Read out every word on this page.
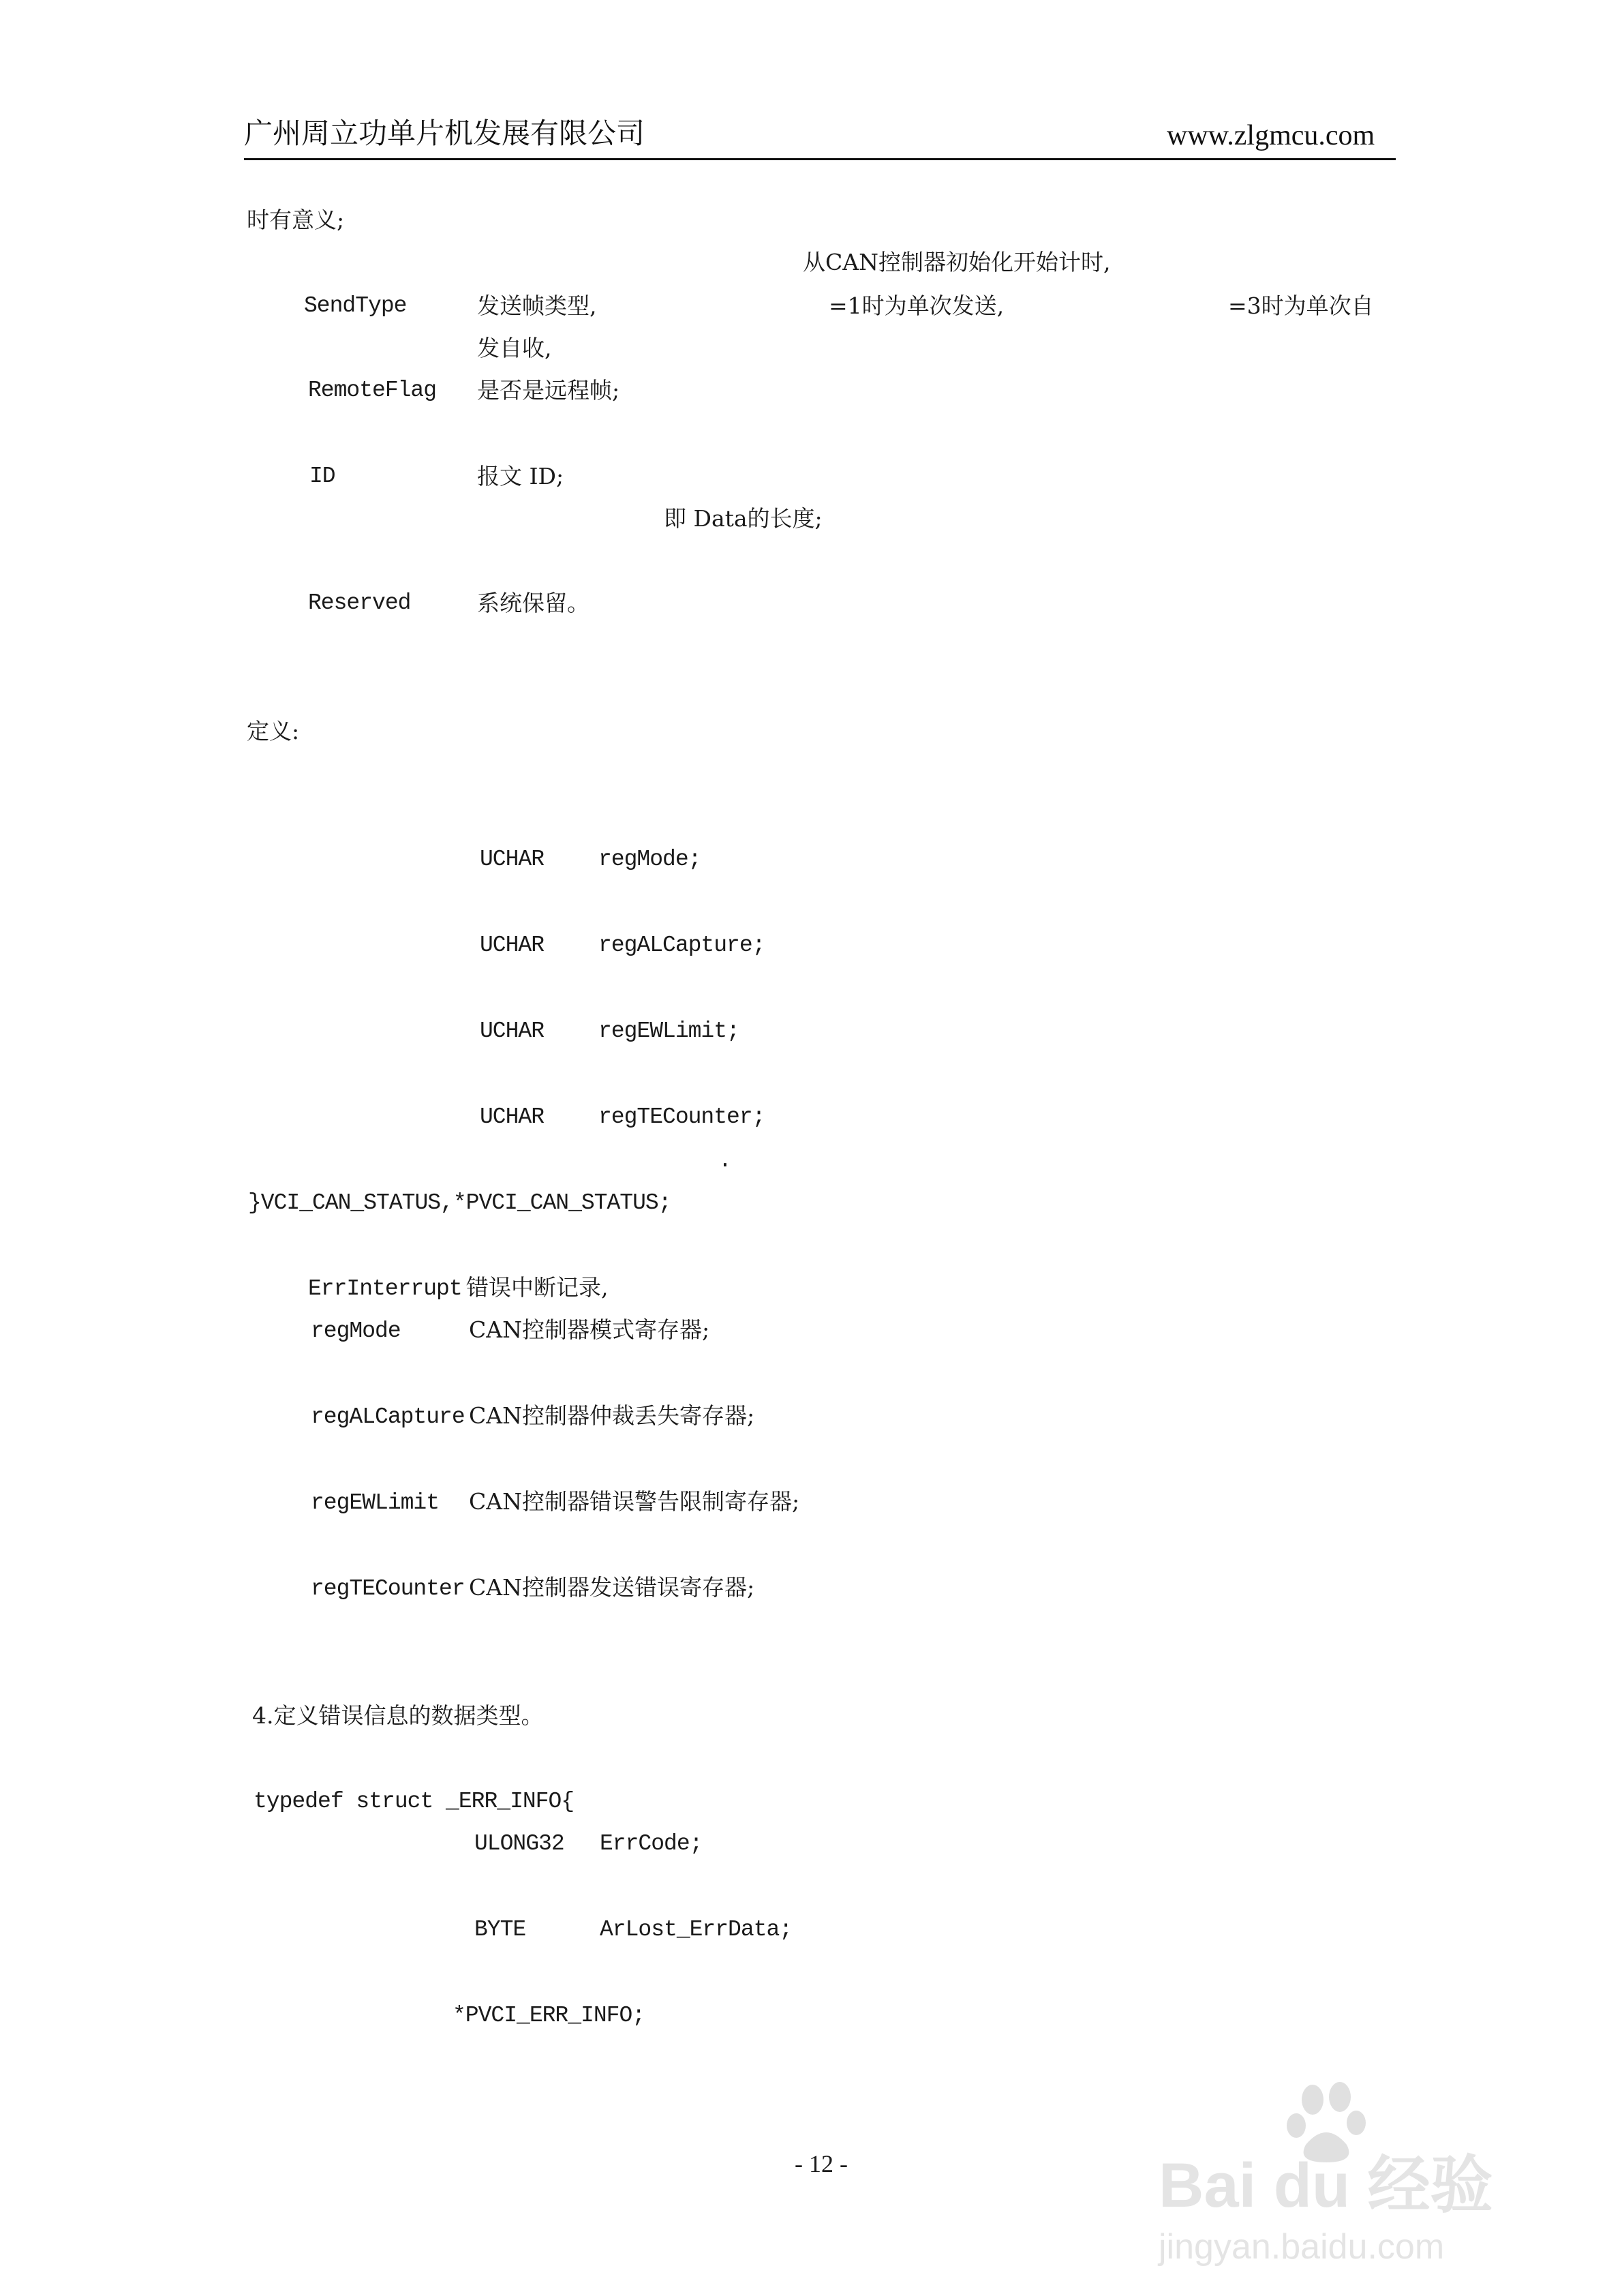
广州周立功单片机发展有限公司	www.zlgmcu.com
时有意义;
从CAN控制器初始化开始计时,
SendType	发送帧类型,	=1时为单次发送,	=3时为单次自
发自收,
RemoteFlag 是否是远程帧;
ID	报文 ID;
即 Data的长度;
Reserved	系统保留。
定义:
UCHAR regMode;
UCHAR regALCapture;
UCHAR regEWLimit;
UCHAR regTECounter;
.
}VCI_CAN_STATUS,*PVCI_CAN_STATUS;
ErrInterrupt 错误中断记录,
regMode	CAN控制器模式寄存器;
regALCapture CAN控制器仲裁丢失寄存器;
regEWLimit CAN控制器错误警告限制寄存器;
regTECounter CAN控制器发送错误寄存器;
4.定义错误信息的数据类型。
typedef struct _ERR_INFO{
ULONG32 ErrCode;
BYTE	ArLost_ErrData;
*PVCI_ERR_INFO;
- 12 -	Bai du 经验
jingyan.baidu.com
